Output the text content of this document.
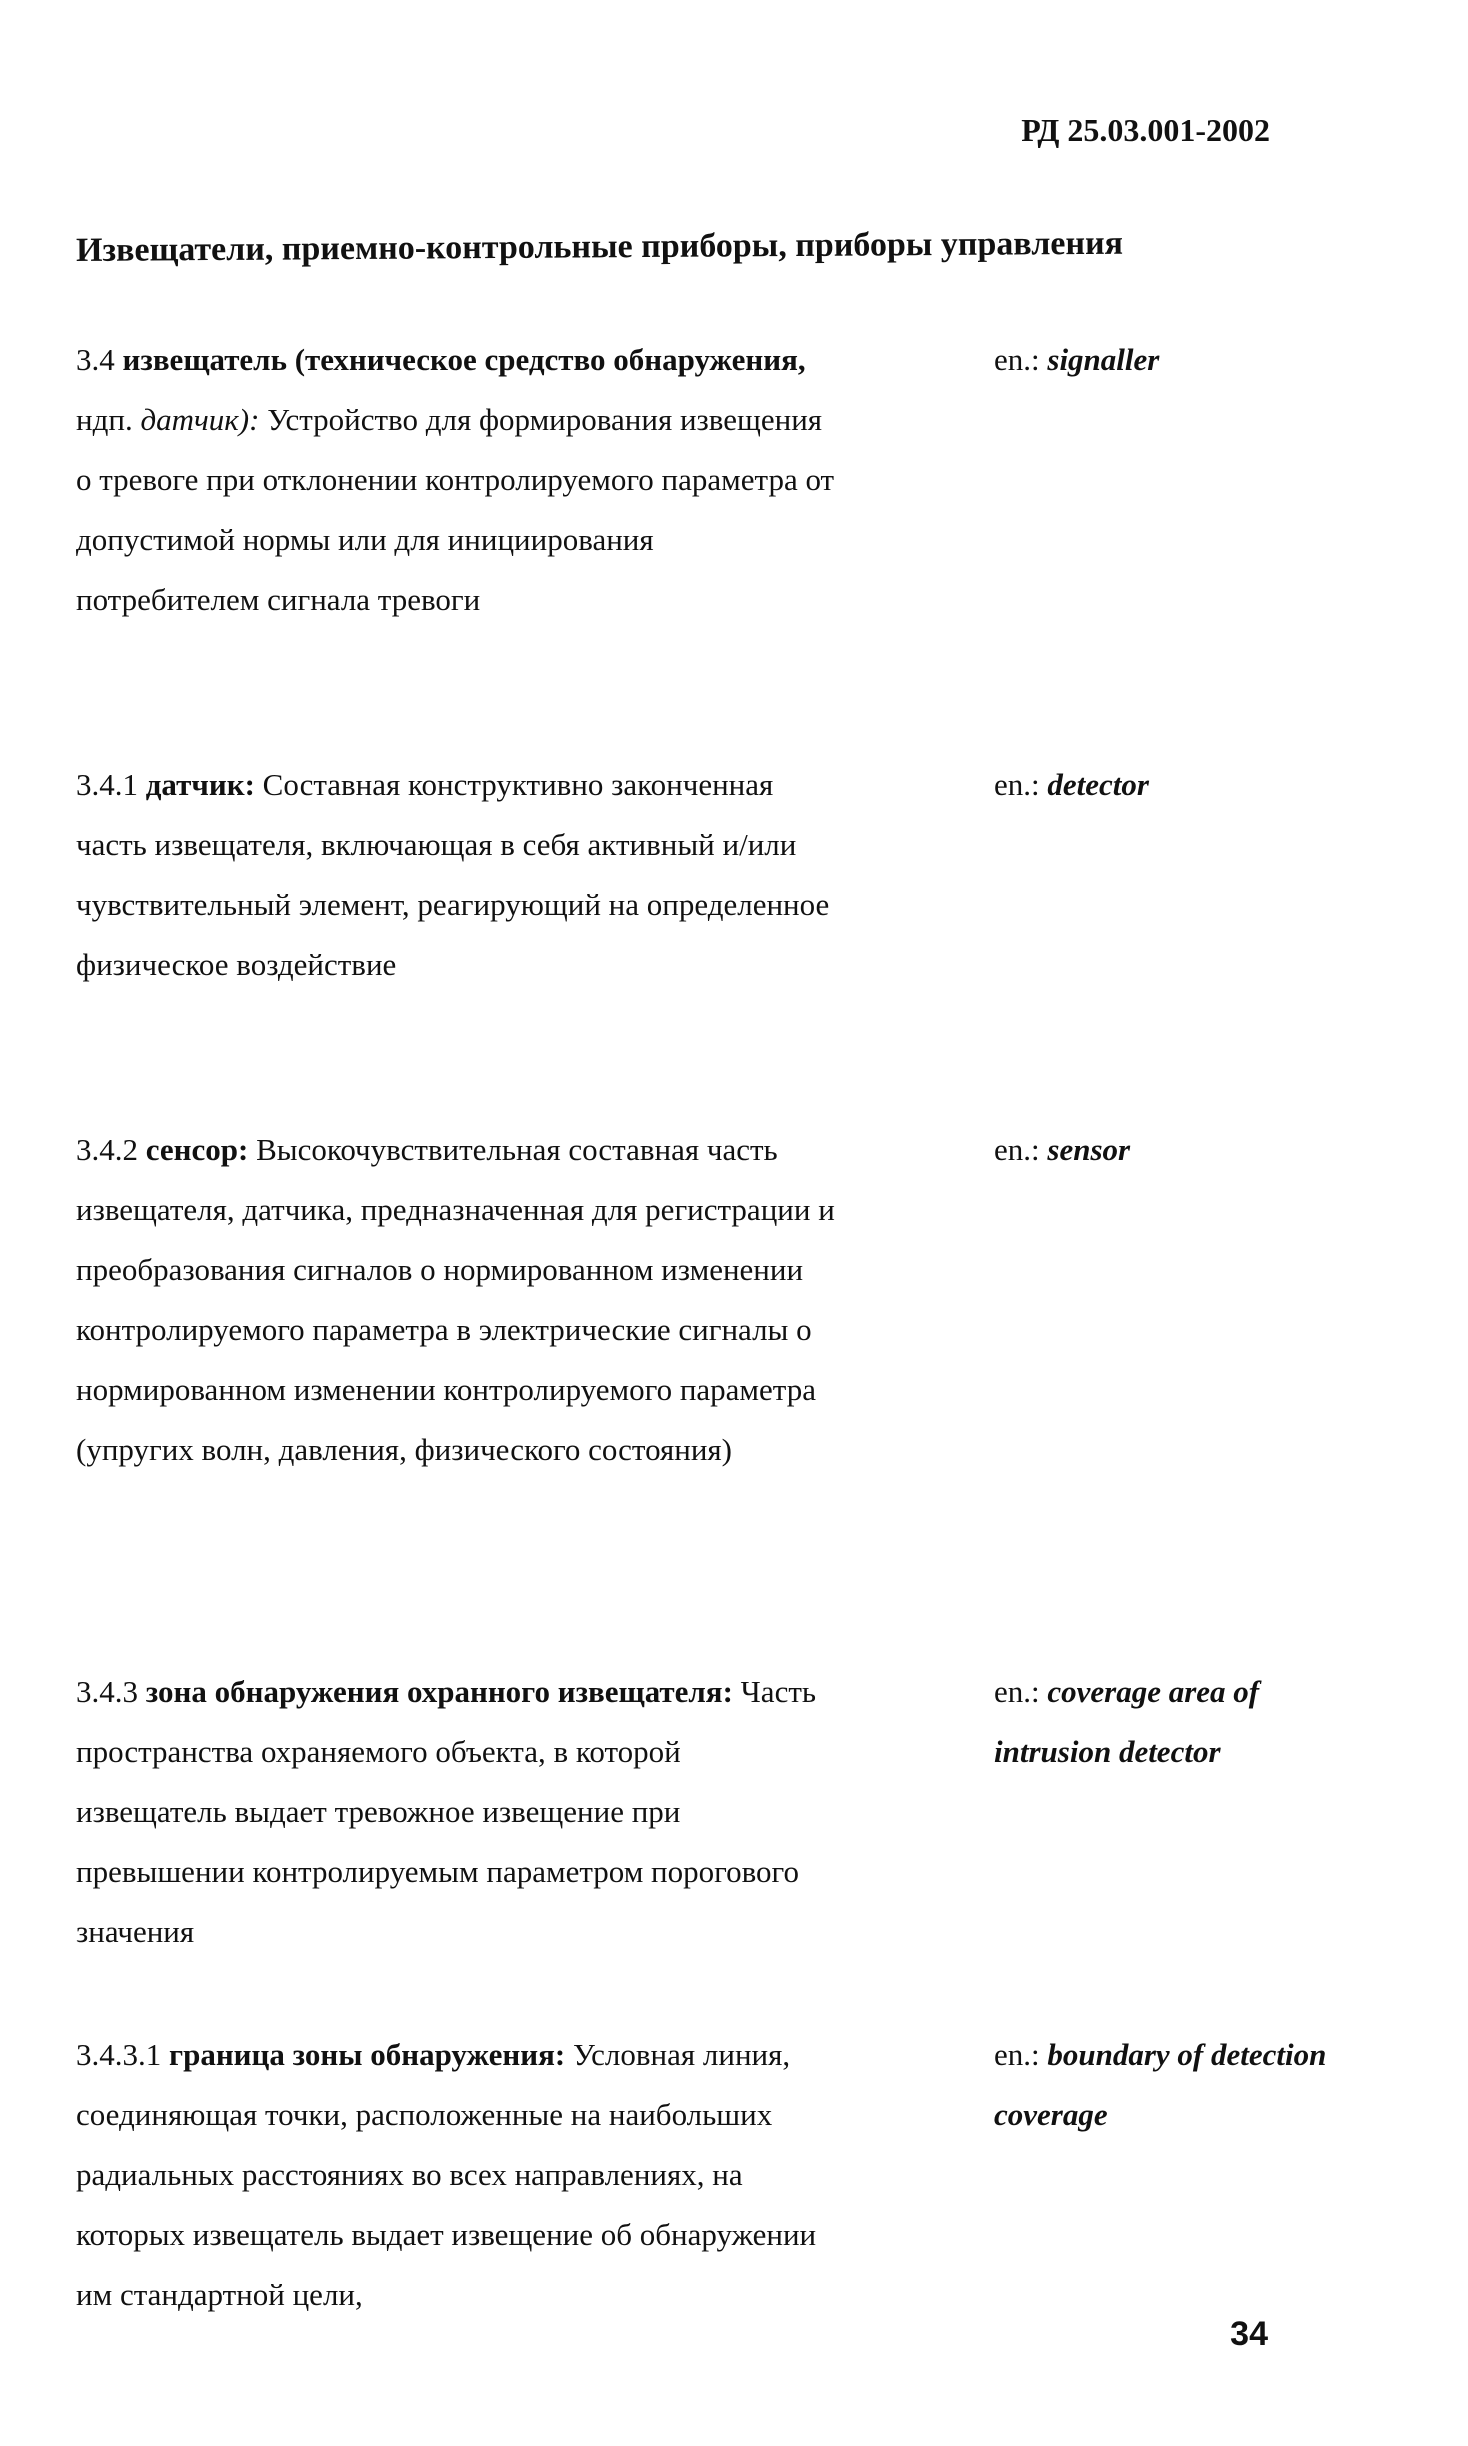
РД 25.03.001-2002
Извещатели, приемно-контрольные приборы, приборы управления
3.4 извещатель (техническое средство обнаружения, ндп. датчик): Устройство для формирования извещения о тревоге при отклонении контролируемого параметра от допустимой нормы или для инициирования потребителем сигнала тревоги
en.: signaller
3.4.1 датчик: Составная конструктивно законченная часть извещателя, включающая в себя активный и/или чувствительный элемент, реагирующий на определенное физическое воздействие
en.: detector
3.4.2 сенсор: Высокочувствительная составная часть извещателя, датчика, предназначенная для регистрации и преобразования сигналов о нормированном изменении контролируемого параметра в электрические сигналы о нормированном изменении контролируемого параметра (упругих волн, давления, физического состояния)
en.: sensor
3.4.3 зона обнаружения охранного извещателя: Часть пространства охраняемого объекта, в которой извещатель выдает тревожное извещение при превышении контролируемым параметром порогового значения
en.: coverage area of intrusion detector
3.4.3.1 граница зоны обнаружения: Условная линия, соединяющая точки, расположенные на наибольших радиальных расстояниях во всех направлениях, на которых извещатель выдает извещение об обнаружении им стандартной цели,
en.: boundary of detection coverage
34
